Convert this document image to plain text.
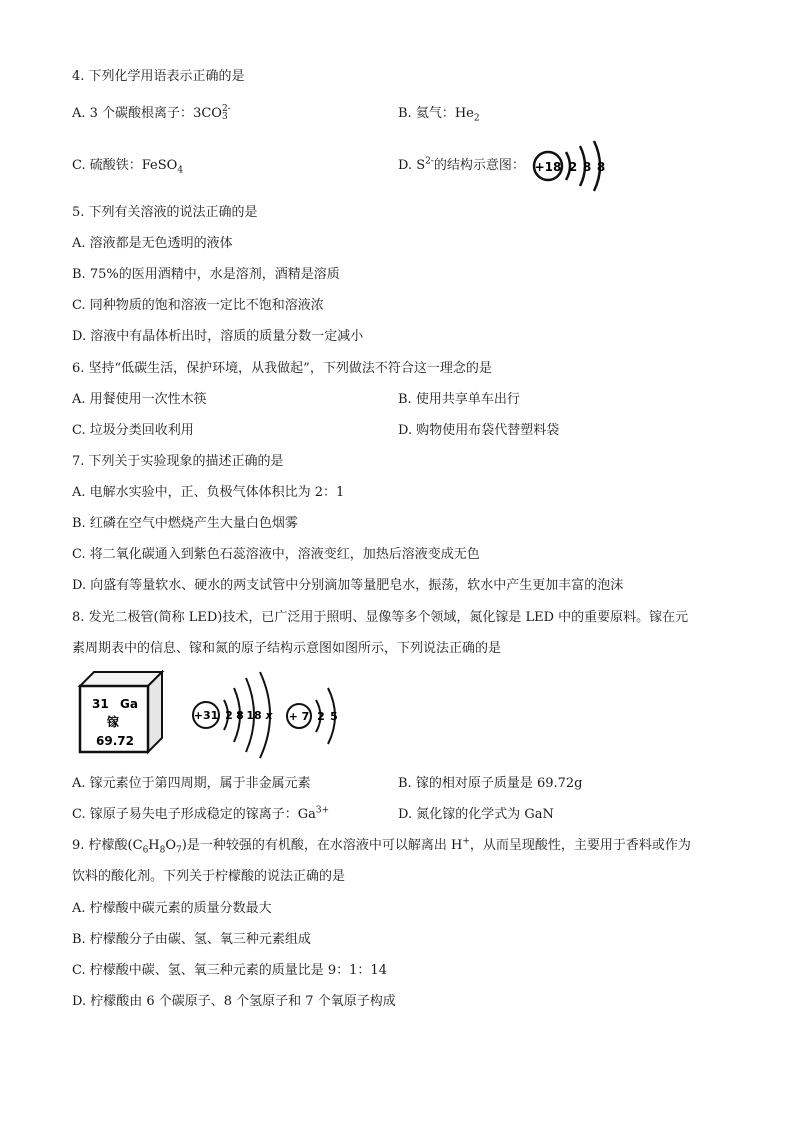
4. 下列化学用语表示正确的是
A. 3 个碳酸根离子：3CO 2-
3	B. 氦气：$He_2$
C. 硫酸铁：FeSO$_4$	D. $S^{2-}$的结构示意图： +18 2 8 8
5. 下列有关溶液的说法正确的是
A. 溶液都是无色透明的液体
B. 75%的医用酒精中，水是溶剂，酒精是溶质
C. 同种物质的饱和溶液一定比不饱和溶液浓
D. 溶液中有晶体析出时，溶质的质量分数一定减小
6. 坚持“低碳生活，保护环境，从我做起”，下列做法不符合这一理念的是
A. 用餐使用一次性木筷	B. 使用共享单车出行
C. 垃圾分类回收利用	D. 购物使用布袋代替塑料袋
7. 下列关于实验现象的描述正确的是
A. 电解水实验中，正、负极气体体积比为 2：1
B. 红磷在空气中燃烧产生大量白色烟雾
C. 将二氧化碳通入到紫色石蕊溶液中，溶液变红，加热后溶液变成无色
D. 向盛有等量软水、硬水的两支试管中分别滴加等量肥皂水，振荡，软水中产生更加丰富的泡沫
8. 发光二极管(简称 LED)技术，已广泛用于照明、显像等多个领域，氮化镓是 LED 中的重要原料。镓在元
素周期表中的信息、镓和氮的原子结构示意图如图所示，下列说法正确的是
31 Ga
镓
69.72
+31 2 8 18 x + 7 2 5
A. 镓元素位于第四周期，属于非金属元素	B. 镓的相对原子质量是 69.72g
C. 镓原子易失电子形成稳定的镓离子：$Ga^{3+}$	D. 氮化镓的化学式为 GaN
9. 柠檬酸$(C_6H_8O_7)$是一种较强的有机酸，在水溶液中可以解离出 H+，从而呈现酸性，主要用于香料或作为
饮料的酸化剂。下列关于柠檬酸的说法正确的是
A. 柠檬酸中碳元素的质量分数最大
B. 柠檬酸分子由碳、氢、氧三种元素组成
C. 柠檬酸中碳、氢、氧三种元素的质量比是 9：1：14
D. 柠檬酸由 6 个碳原子、8 个氢原子和 7 个氧原子构成
